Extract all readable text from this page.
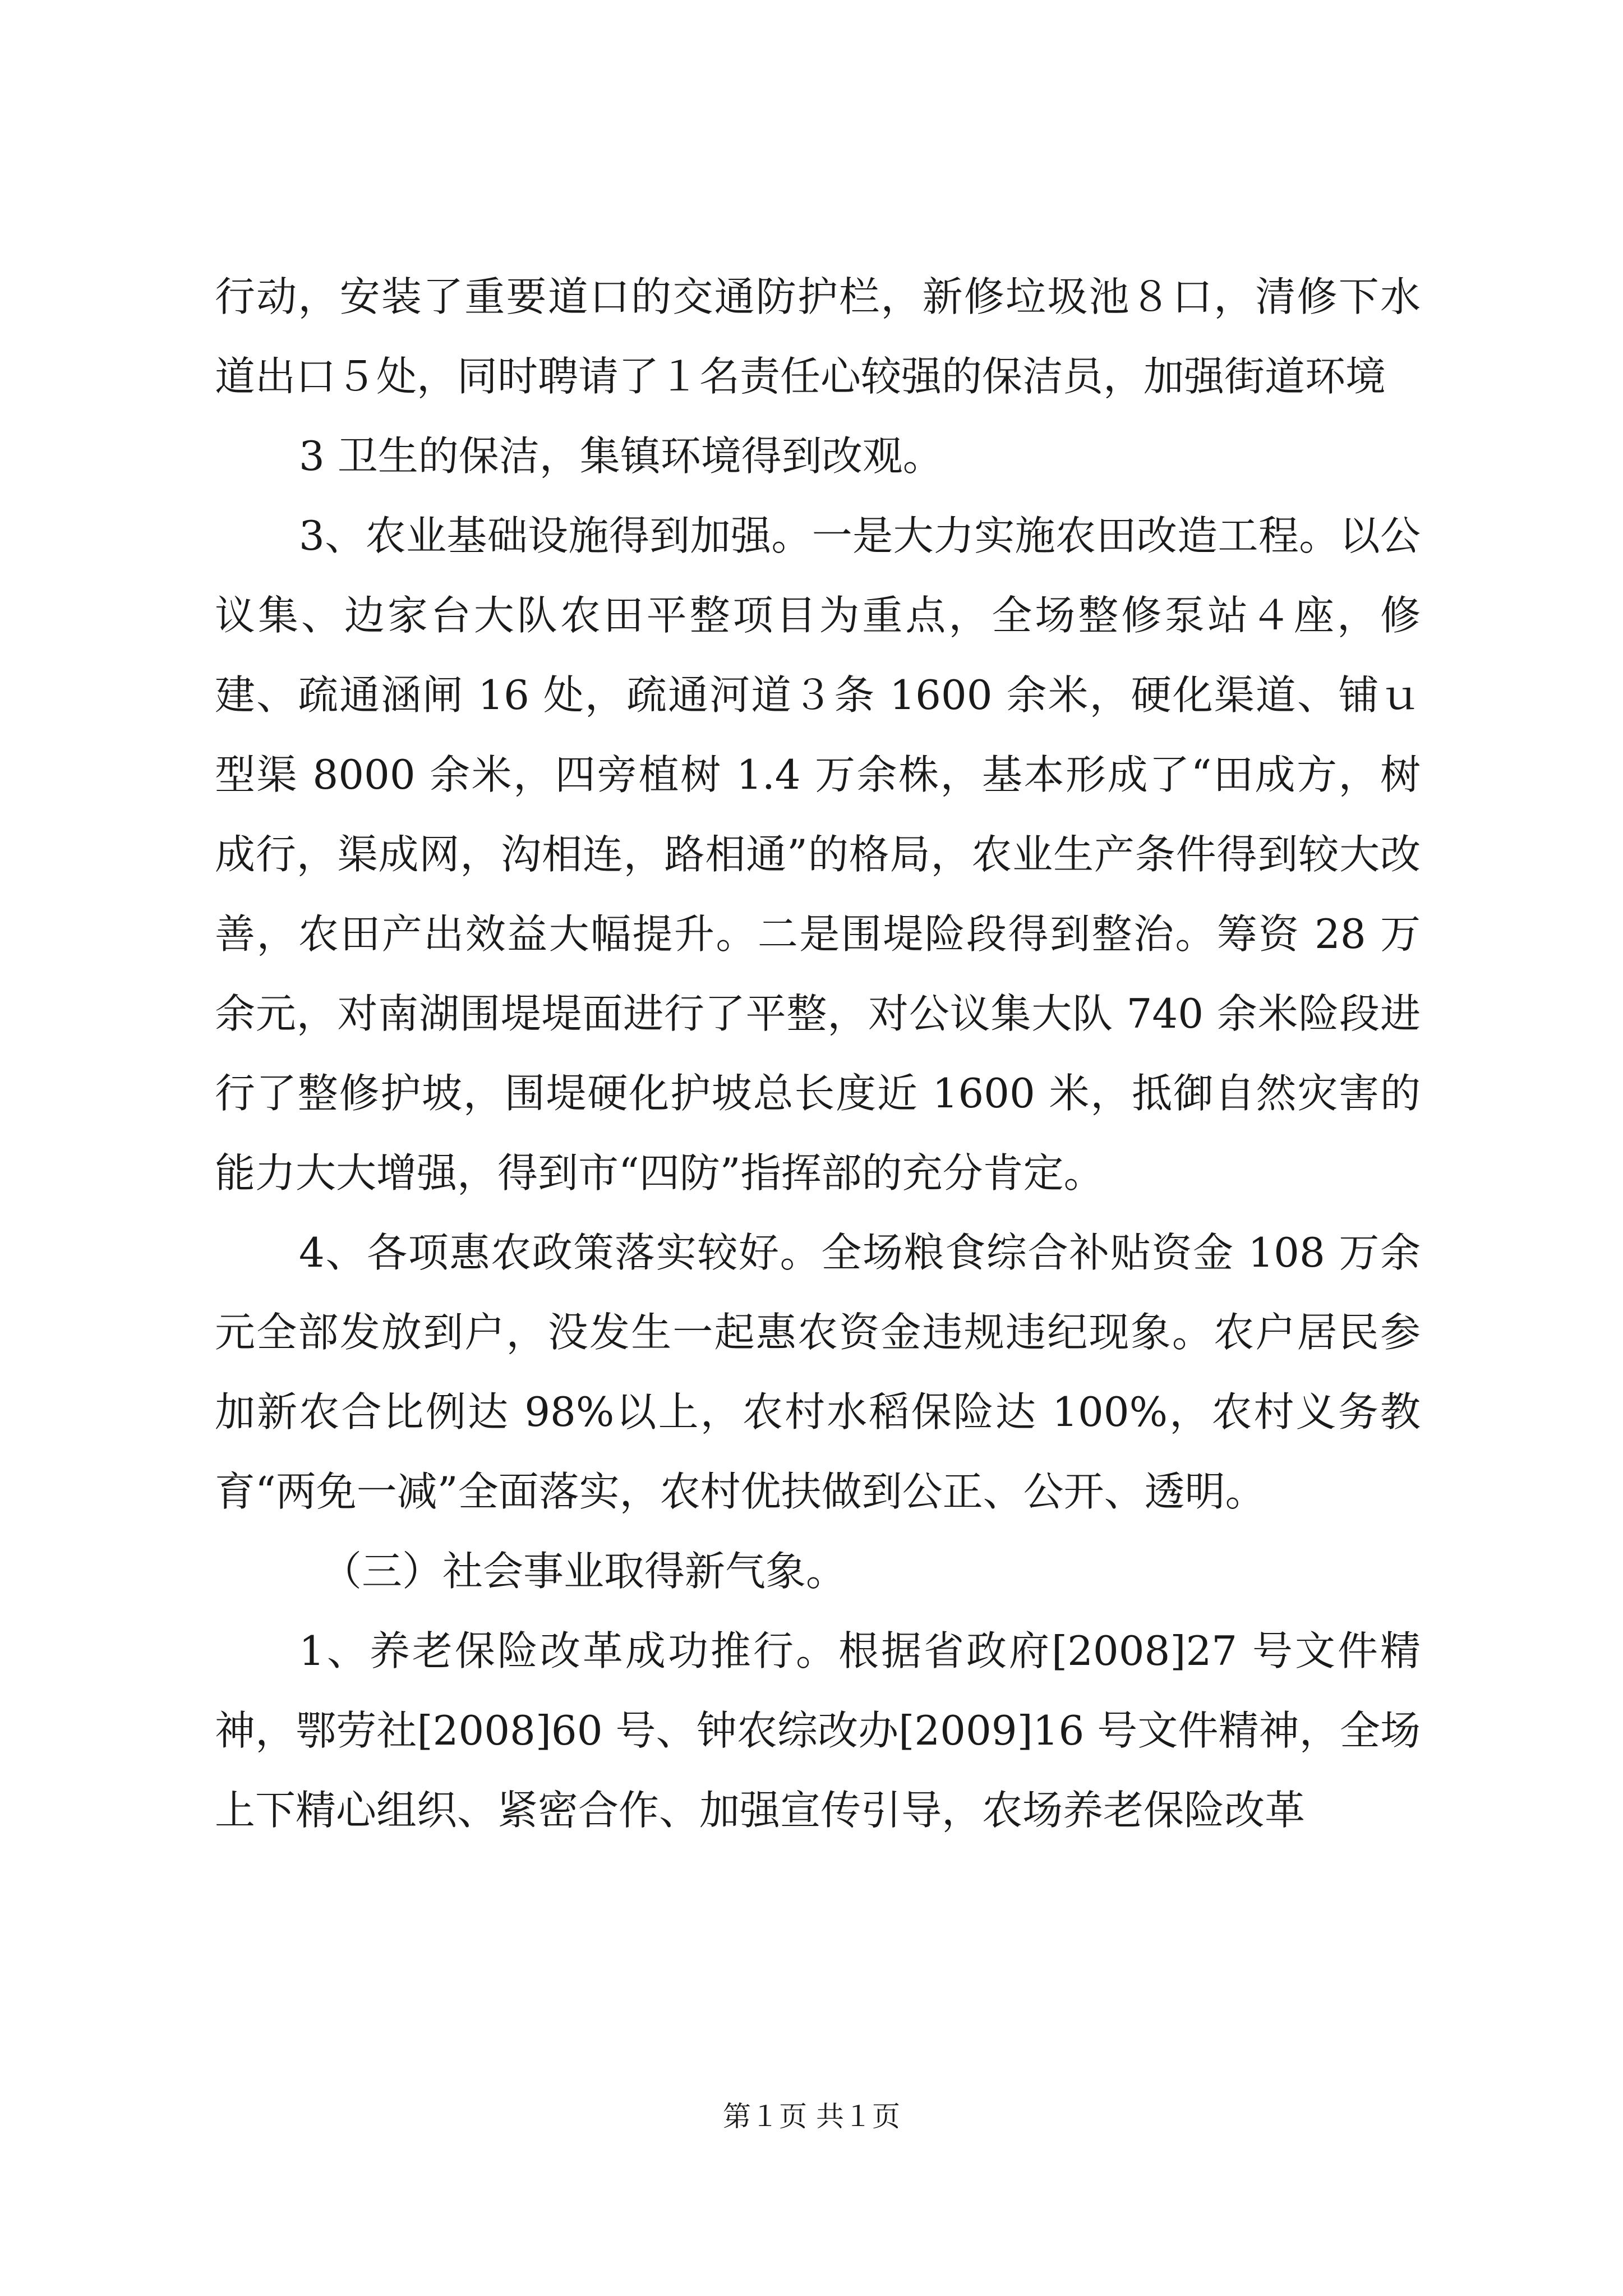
行动，安装了重要道口的交通防护栏，新修垃圾池８口，清修下水道出口５处，同时聘请了１名责任心较强的保洁员，加强街道环境

3 卫生的保洁，集镇环境得到改观。

3、农业基础设施得到加强。一是大力实施农田改造工程。以公议集、边家台大队农田平整项目为重点，全场整修泵站４座，修建、疏通涵闸 16 处，疏通河道３条 1600 余米，硬化渠道、铺ｕ型渠 8000 余米，四旁植树 1.4 万余株，基本形成了“田成方，树成行，渠成网，沟相连，路相通”的格局，农业生产条件得到较大改善，农田产出效益大幅提升。二是围堤险段得到整治。筹资 28 万余元，对南湖围堤堤面进行了平整，对公议集大队 740 余米险段进行了整修护坡，围堤硬化护坡总长度近 1600 米，抵御自然灾害的能力大大增强，得到市“四防”指挥部的充分肯定。

4、各项惠农政策落实较好。全场粮食综合补贴资金 108 万余元全部发放到户，没发生一起惠农资金违规违纪现象。农户居民参加新农合比例达 98%以上，农村水稻保险达 100%，农村义务教育“两免一减”全面落实，农村优扶做到公正、公开、透明。

（三）社会事业取得新气象。

1、养老保险改革成功推行。根据省政府[2008]27 号文件精神，鄂劳社[2008]60 号、钟农综改办[2009]16 号文件精神，全场上下精心组织、紧密合作、加强宣传引导，农场养老保险改革

第１页 共１页
